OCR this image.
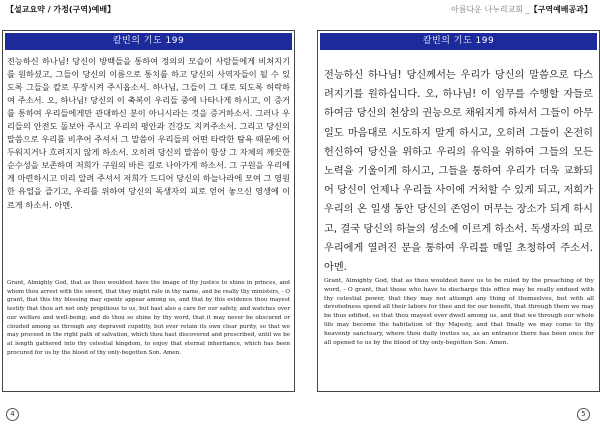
【설교요약 / 가정(구역)예배】
칼빈의 기도 199

전능하신 하나님! 당신이 방백들을 통하여 정의의 모습이 사람들에게 비쳐지기를 원하셨고, 그들이 당신의 이름으로 통치를 하고 당신의 사역자들이 될 수 있도록 그들을 칼로 무장시켜 주시옵소서. 하나님, 그들이 그 대로 되도록 허락하여 주소서. 오, 하나님! 당신의 이 축복이 우리들 중에 나타나게 하시고, 이 증거를 통하여 우리들에게만 관대하신 분이 아니시라는 것을 증거하소서. 그러나 우리들의 안전도 돌보아 주시고 우리의 평안과 건강도 지켜주소서. 그리고 당신의 말씀으로 우리를 비추어 주셔서 그 말씀이 우리들의 어떤 타락한 탐욕 때문에 어두워지거나 흐려지지 않게 하소서. 오히려 당신의 말씀이 항상 그 자체의 깨끗한 순수성을 보존하며 저희가 구원의 바른 길로 나아가게 하소서. 그 구원을 우리에게 마련하시고 미리 알려 주셔서 저희가 드디어 당신의 하늘나라에 모여 그 영원한 유업을 즐기고, 우리를 위하여 당신의 독생자의 피로 얻어 놓으신 영생에 이르게 하소서. 아멘.

Grant, Almighty God, that as thou wouldest have the image of thy justice to shine in princes, and whom thou arrest with the sword, that they might rule in thy name, and be really thy ministers, - O grant, that this thy blessing may openly appear among us, and that by this evidence thou mayest testify that thou art not only propitious to us, but hast also a care for our safety, and watches over our welfare and well-being; and do thou so shine by thy word, that it may never be obscured or clouded among us through any depraved cupidity, but ever retain its own clear purity, so that we may proceed in the right path of salvation, which thou hast discovered and prescribed, until we be at length gathered into thy celestial kingdom, to enjoy that eternal inheritance, which has been procured for us by the blood of thy only-begotten Son. Amen.

4
아름다운 나누리교회 _【구역예배공과】
칼빈의 기도 199

전능하신 하나님! 당신께서는 우리가 당신의 말씀으로 다스려지기를 원하십니다. 오, 하나님! 이 임무를 수행할 자들로 하여금 당신의 천상의 권능으로 채워지게 하셔서 그들이 아무 일도 마음대로 시도하지 말게 하시고, 오히려 그들이 온전히 헌신하여 당신을 위하고 우리의 유익을 위하여 그들의 모든 노력을 기울이게 하시고, 그들을 통하여 우리가 더욱 교화되어 당신이 언제나 우리들 사이에 거처할 수 있게 되고, 저희가 우리의 온 일생 동안 당신의 존엄이 머무는 장소가 되게 하시고, 결국 당신의 하늘의 성소에 이르게 하소서. 독생자의 피로 우리에게 열려진 문을 통하여 우리를 매일 초청하여 주소서. 아멘.

Grant, Almighty God, that as thou wouldest have us to be ruled by the preaching of thy word, - O grant, that those who have to discharge this office may be really endued with thy celestial power, that they may not attempt any thing of themselves, but with all devotedness spend all their labors for thee and for our benefit, that through them we may be thus edified, so that thou mayest ever dwell among us, and that we through our whole life may become the habitation of thy Majesty, and that finally we may come to thy heavenly sanctuary, where thou daily invites us, as an entrance there has been once for all opened to us by the blood of thy only-begotten Son. Amen.

5
